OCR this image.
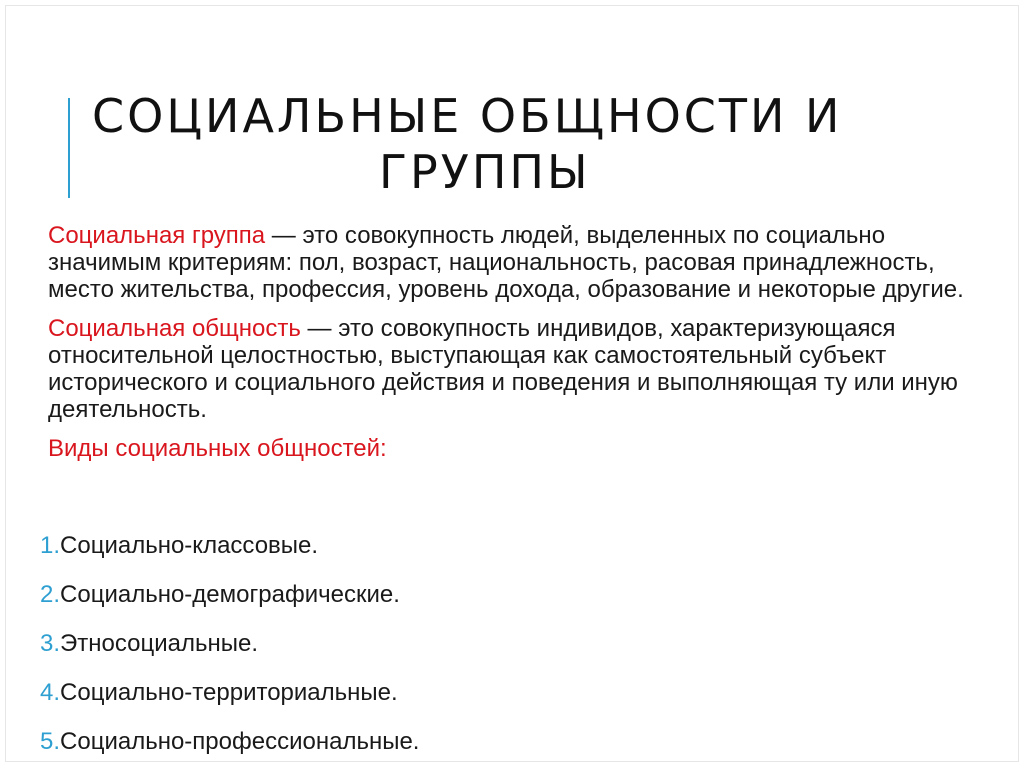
СОЦИАЛЬНЫЕ ОБЩНОСТИ И
ГРУППЫ

Социальная группа — это совокупность людей, выделенных по социально значимым критериям: пол, возраст, национальность, расовая принадлежность, место жительства, профессия, уровень дохода, образование и некоторые другие.

Социальная общность — это совокупность индивидов, характеризующаяся относительной целостностью, выступающая как самостоятельный субъект исторического и социального действия и поведения и выполняющая ту или иную деятельность.

Виды социальных общностей:

1.Социально-классовые.
2.Социально-демографические.
3.Этносоциальные.
4.Социально-территориальные.
5.Социально-профессиональные.
